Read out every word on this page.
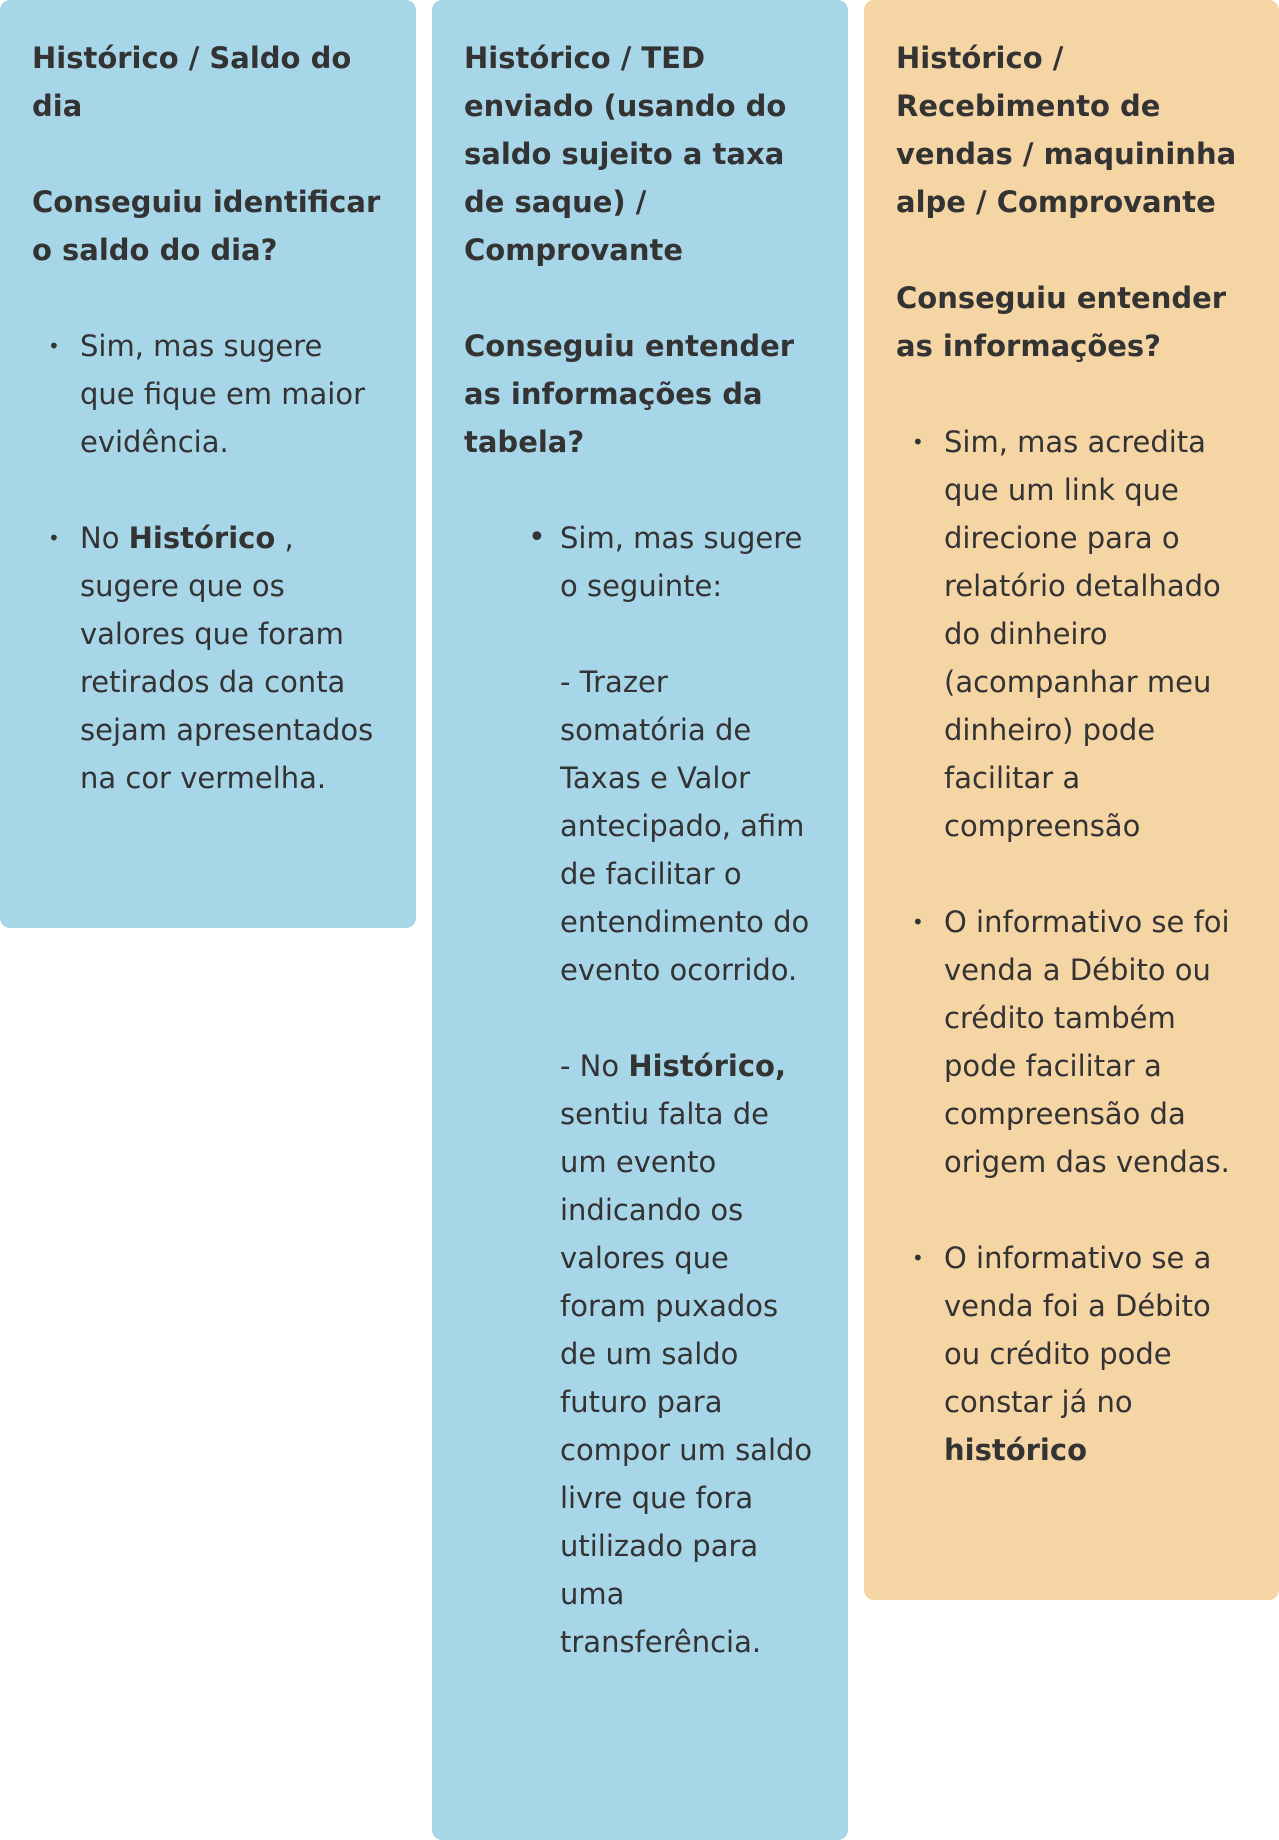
Histórico / Saldo do dia

Conseguiu identificar o saldo do dia?

• Sim, mas sugere que fique em maior evidência.
• No Histórico , sugere que os valores que foram retirados da conta sejam apresentados na cor vermelha.

Histórico / TED enviado (usando do saldo sujeito a taxa de saque) / Comprovante

Conseguiu entender as informações da tabela?

• Sim, mas sugere o seguinte:
- Trazer somatória de Taxas e Valor antecipado, afim de facilitar o entendimento do evento ocorrido.
- No Histórico, sentiu falta de um evento indicando os valores que foram puxados de um saldo futuro para compor um saldo livre que fora utilizado para uma transferência.

Histórico / Recebimento de vendas / maquininha alpe / Comprovante

Conseguiu entender as informações?

• Sim, mas acredita que um link que direcione para o relatório detalhado do dinheiro (acompanhar meu dinheiro) pode facilitar a compreensão
• O informativo se foi venda a Débito ou crédito também pode facilitar a compreensão da origem das vendas.
• O informativo se a venda foi a Débito ou crédito pode constar já no histórico
